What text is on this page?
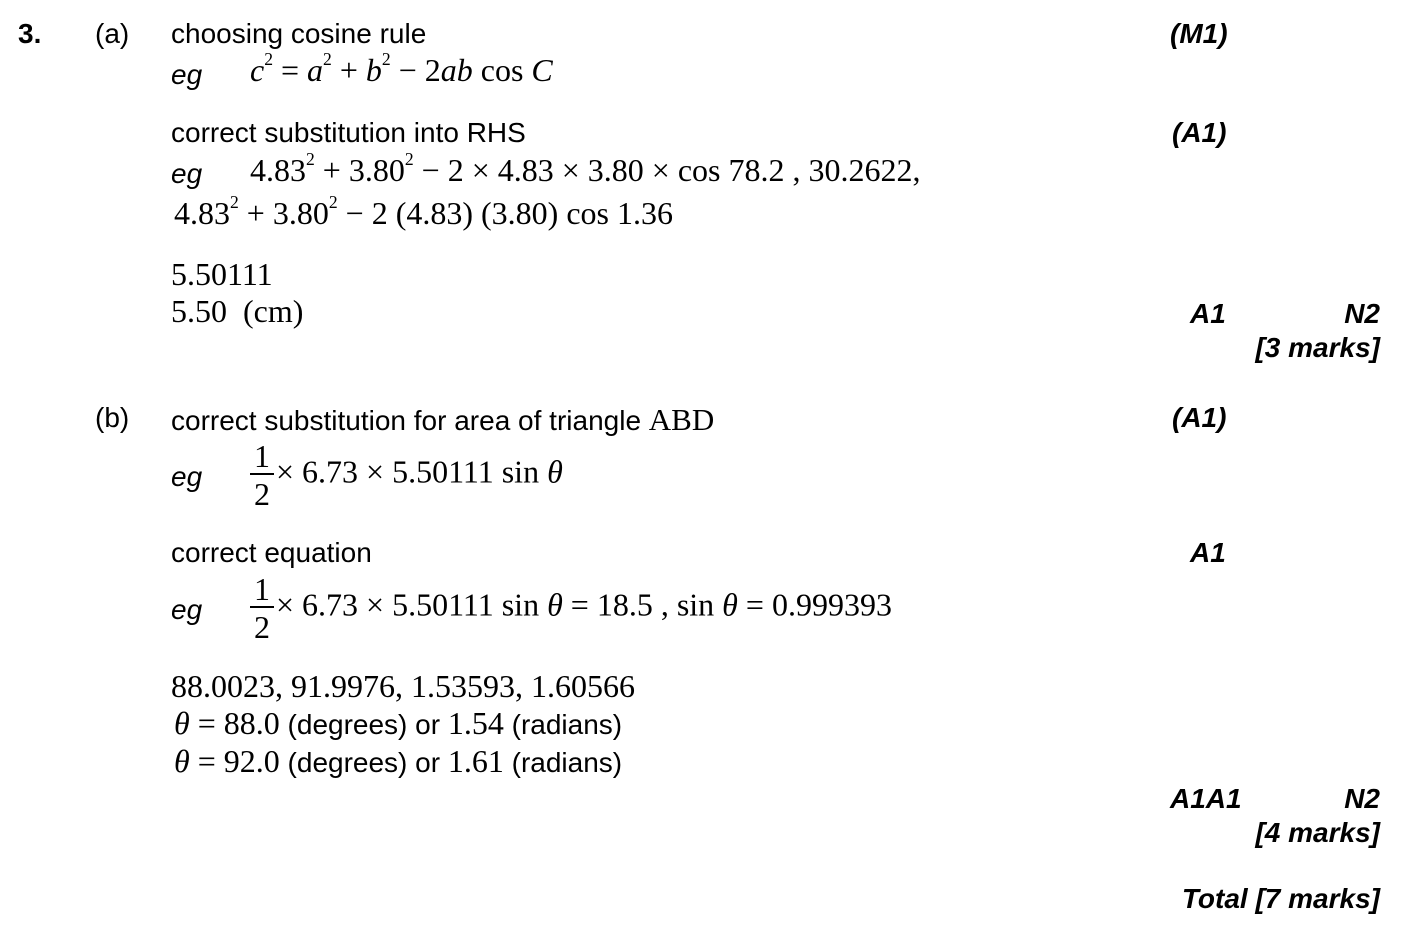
3. (a) choosing cosine rule	(M1)
eg $c^2 = a^2 + b^2 - 2ab$ cos C
correct substitution into RHS	(A1)
eg $4.83^2 + 3.80^2 - 2 \times 4.83 \times 3.80 \times \cos 78.2$ , 30.2622,
$4.83^2 + 3.80^2 - 2$ (4.83) (3.80) cos 1.36
5.50111
5.50 (cm)	A1	N2
[3 marks]
(b) correct substitution for area of triangle ABD	(A1)
eg $\frac{1}{2} \times 6.73 \times 5.50111$ sin θ
correct equation	A1
eg $\frac{1}{2} \times 6.73 \times 5.50111$ sin θ = 18.5 , sin θ = 0.999393
88.0023, 91.9976, 1.53593, 1.60566
θ = 88.0 (degrees) or 1.54 (radians)
θ = 92.0 (degrees) or 1.61 (radians)
A1A1	N2
[4 marks]
Total [7 marks]
